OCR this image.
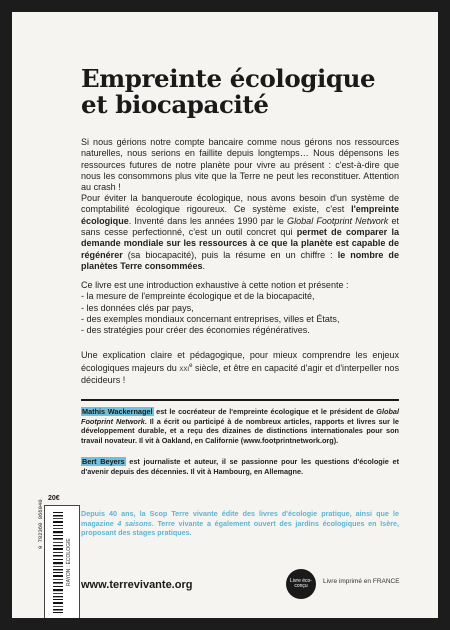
Empreinte écologique
et biocapacité

Si nous gérions notre compte bancaire comme nous gérons nos ressources naturelles, nous serions en faillite depuis longtemps… Nous dépensons les ressources futures de notre planète pour vivre au présent : c'est-à-dire que nous les consommons plus vite que la Terre ne peut les reconstituer. Attention au crash !

Pour éviter la banqueroute écologique, nous avons besoin d'un système de comptabilité écologique rigoureux. Ce système existe, c'est l'empreinte écologique. Inventé dans les années 1990 par le Global Footprint Network et sans cesse perfectionné, c'est un outil concret qui permet de comparer la demande mondiale sur les ressources à ce que la planète est capable de régénérer (sa biocapacité), puis la résume en un chiffre : le nombre de planètes Terre consommées.

Ce livre est une introduction exhaustive à cette notion et présente :

- la mesure de l'empreinte écologique et de la biocapacité,
- les données clés par pays,
- des exemples mondiaux concernant entreprises, villes et États,
- des stratégies pour créer des économies régénératives.

Une explication claire et pédagogique, pour mieux comprendre les enjeux écologiques majeurs du xxi$^e$ siècle, et être en capacité d'agir et d'interpeller nos décideurs !

Mathis Wackernagel est le cocréateur de l'empreinte écologique et le président de Global Footprint Network. Il a écrit ou participé à de nombreux articles, rapports et livres sur le développement durable, et a reçu des dizaines de distinctions internationales pour son travail novateur. Il vit à Oakland, en Californie (www.footprintnetwork.org).
Bert Beyers est journaliste et auteur, il se passionne pour les questions d'écologie et d'avenir depuis des décennies. Il vit à Hambourg, en Allemagne.
20€
9 782360 866040
RAYON : ÉCOLOGIE
Depuis 40 ans, la Scop Terre vivante édite des livres d'écologie pratique, ainsi que le magazine 4 saisons. Terre vivante a également ouvert des jardins écologiques en Isère, proposant des stages pratiques.
www.terrevivante.org	Livre éco-conçu
Livre imprimé en FRANCE
